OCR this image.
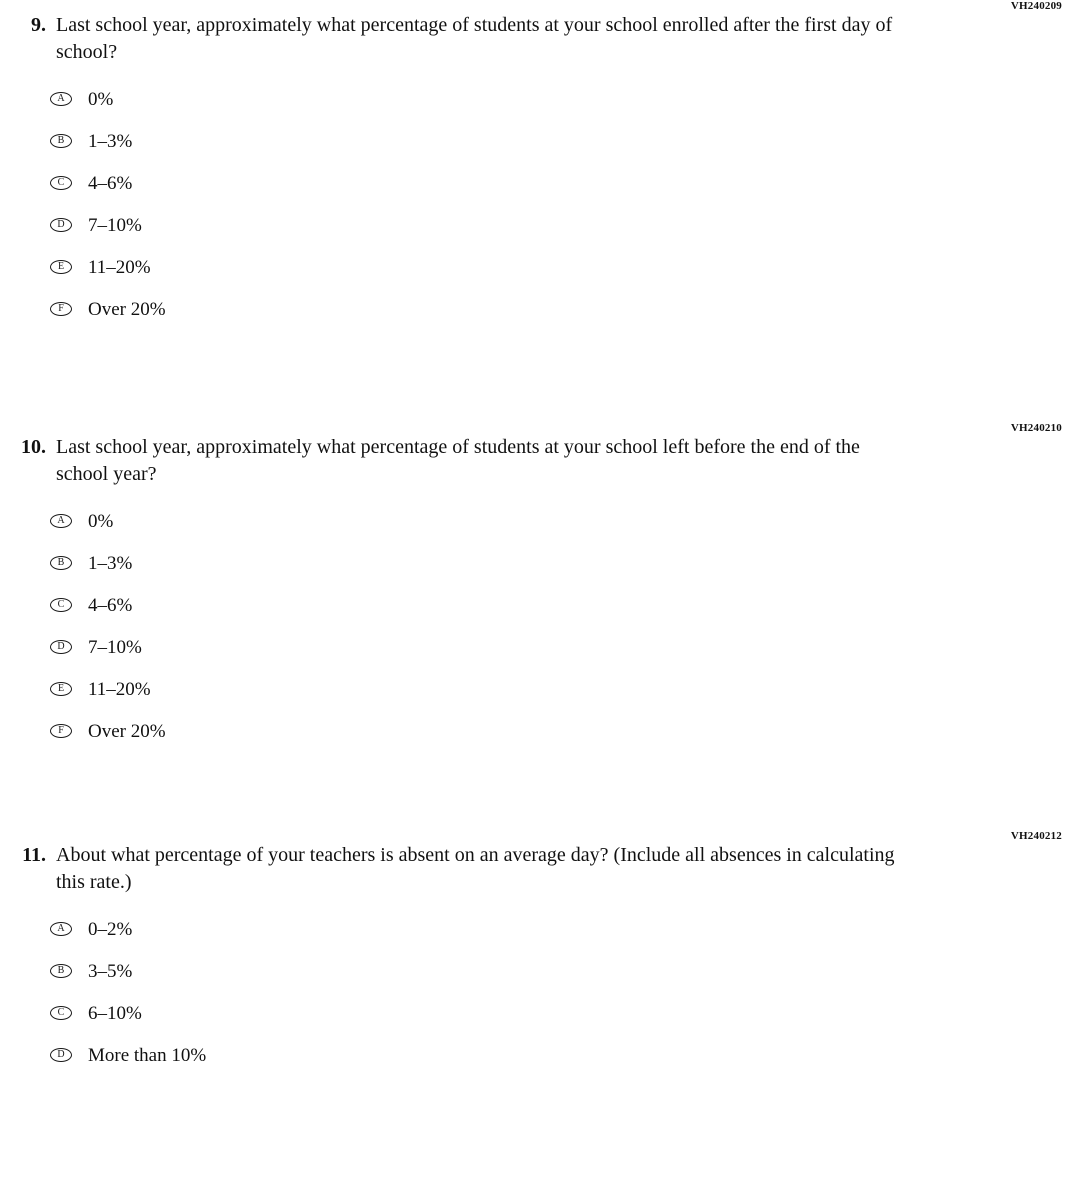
VH240209
9. Last school year, approximately what percentage of students at your school enrolled after the first day of school?
A	0%
B	1–3%
C	4–6%
D	7–10%
E	11–20%
F	Over 20%
VH240210
10. Last school year, approximately what percentage of students at your school left before the end of the school year?
A	0%
B	1–3%
C	4–6%
D	7–10%
E	11–20%
F	Over 20%
VH240212
11. About what percentage of your teachers is absent on an average day? (Include all absences in calculating this rate.)
A	0–2%
B	3–5%
C	6–10%
D	More than 10%
